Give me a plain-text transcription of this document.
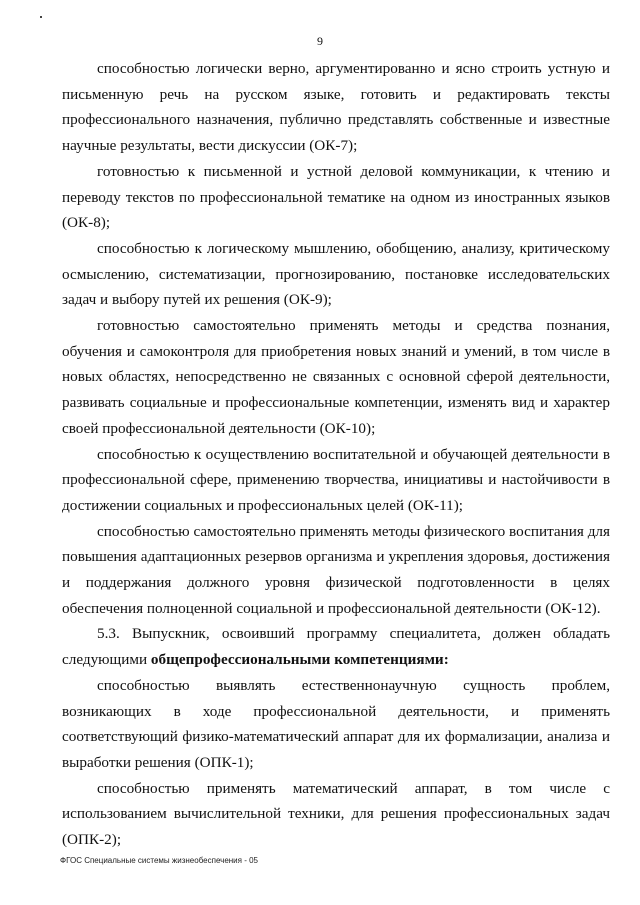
9

способностью логически верно, аргументированно и ясно строить устную и письменную речь на русском языке, готовить и редактировать тексты профессионального назначения, публично представлять собственные и известные научные результаты, вести дискуссии (ОК-7);

готовностью к письменной и устной деловой коммуникации, к чтению и переводу текстов по профессиональной тематике на одном из иностранных языков (ОК-8);

способностью к логическому мышлению, обобщению, анализу, критическому осмыслению, систематизации, прогнозированию, постановке исследовательских задач и выбору путей их решения (ОК-9);

готовностью самостоятельно применять методы и средства познания, обучения и самоконтроля для приобретения новых знаний и умений, в том числе в новых областях, непосредственно не связанных с основной сферой деятельности, развивать социальные и профессиональные компетенции, изменять вид и характер своей профессиональной деятельности (ОК-10);

способностью к осуществлению воспитательной и обучающей деятельности в профессиональной сфере, применению творчества, инициативы и настойчивости в достижении социальных и профессиональных целей (ОК-11);

способностью самостоятельно применять методы физического воспитания для повышения адаптационных резервов организма и укрепления здоровья, достижения и поддержания должного уровня физической подготовленности в целях обеспечения полноценной социальной и профессиональной деятельности (ОК-12).

5.3. Выпускник, освоивший программу специалитета, должен обладать следующими общепрофессиональными компетенциями:

способностью выявлять естественнонаучную сущность проблем, возникающих в ходе профессиональной деятельности, и применять соответствующий физико-математический аппарат для их формализации, анализа и выработки решения (ОПК-1);

способностью применять математический аппарат, в том числе с использованием вычислительной техники, для решения профессиональных задач (ОПК-2);

ФГОС Специальные системы жизнеобеспечения - 05
